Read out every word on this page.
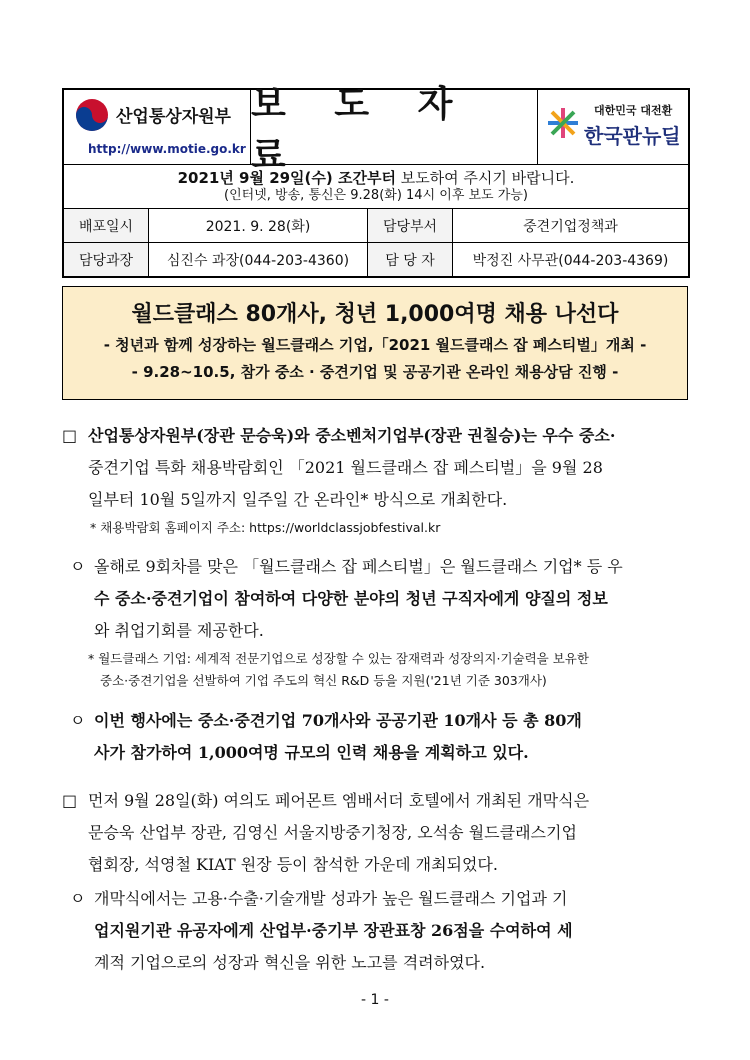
산업통상자원부
http://www.motie.go.kr
보 도 자 료
대한민국 대전환
한국판뉴딜
2021년 9월 29일(수) 조간부터 보도하여 주시기 바랍니다.
(인터넷, 방송, 통신은 9.28(화) 14시 이후 보도 가능)
배포일시	2021. 9. 28(화)	담당부서	중견기업정책과
담당과장	심진수 과장(044-203-4360)	담 당 자	박정진 사무관(044-203-4369)
월드클래스 80개사, 청년 1,000여명 채용 나선다
- 청년과 함께 성장하는 월드클래스 기업,「2021 월드클래스 잡 페스티벌」개최 -
- 9.28~10.5, 참가 중소 · 중견기업 및 공공기관 온라인 채용상담 진행 -
□ 산업통상자원부(장관 문승욱)와 중소벤처기업부(장관 권칠승)는 우수 중소·
중견기업 특화 채용박람회인 「2021 월드클래스 잡 페스티벌」을 9월 28
일부터 10월 5일까지 일주일 간 온라인* 방식으로 개최한다.
* 채용박람회 홈페이지 주소: https://worldclassjobfestival.kr
ㅇ 올해로 9회차를 맞은 「월드클래스 잡 페스티벌」은 월드클래스 기업* 등 우
수 중소·중견기업이 참여하여 다양한 분야의 청년 구직자에게 양질의 정보
와 취업기회를 제공한다.
* 월드클래스 기업: 세계적 전문기업으로 성장할 수 있는 잠재력과 성장의지·기술력을 보유한
중소·중견기업을 선발하여 기업 주도의 혁신 R&D 등을 지원('21년 기준 303개사)
ㅇ 이번 행사에는 중소·중견기업 70개사와 공공기관 10개사 등 총 80개
사가 참가하여 1,000여명 규모의 인력 채용을 계획하고 있다.
□ 먼저 9월 28일(화) 여의도 페어몬트 엠배서더 호텔에서 개최된 개막식은
문승욱 산업부 장관, 김영신 서울지방중기청장, 오석송 월드클래스기업
협회장, 석영철 KIAT 원장 등이 참석한 가운데 개최되었다.
ㅇ 개막식에서는 고용·수출·기술개발 성과가 높은 월드클래스 기업과 기
업지원기관 유공자에게 산업부·중기부 장관표창 26점을 수여하여 세
계적 기업으로의 성장과 혁신을 위한 노고를 격려하였다.
- 1 -
